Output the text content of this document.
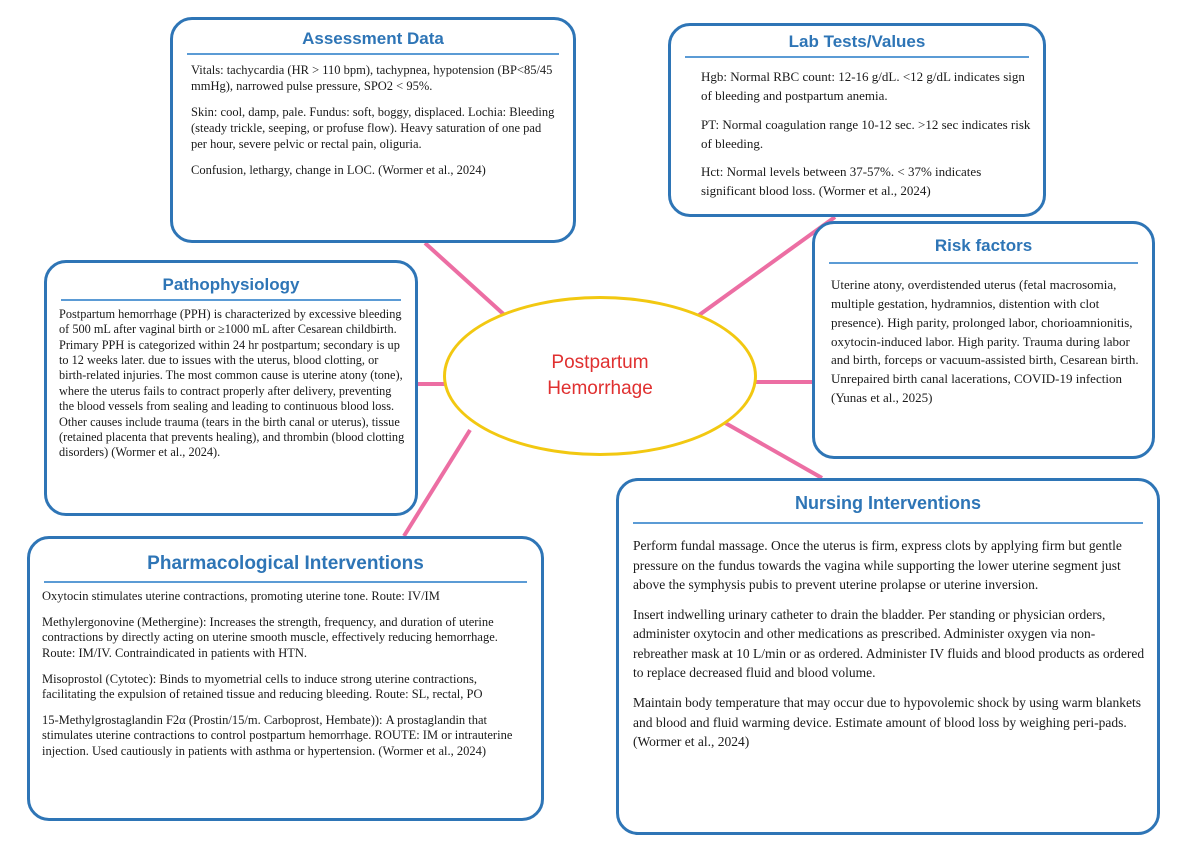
Assessment Data

Vitals: tachycardia (HR > 110 bpm), tachypnea, hypotension (BP<85/45 mmHg), narrowed pulse pressure, SPO2 < 95%.

Skin: cool, damp, pale. Fundus: soft, boggy, displaced. Lochia: Bleeding (steady trickle, seeping, or profuse flow). Heavy saturation of one pad per hour, severe pelvic or rectal pain, oliguria.

Confusion, lethargy, change in LOC. (Wormer et al., 2024)

Lab Tests/Values

Hgb: Normal RBC count: 12-16 g/dL. <12 g/dL indicates sign of bleeding and postpartum anemia.

PT: Normal coagulation range 10-12 sec. >12 sec indicates risk of bleeding.

Hct: Normal levels between 37-57%. < 37% indicates significant blood loss. (Wormer et al., 2024)

Pathophysiology

Postpartum hemorrhage (PPH) is characterized by excessive bleeding of 500 mL after vaginal birth or ≥1000 mL after Cesarean childbirth. Primary PPH is categorized within 24 hr postpartum; secondary is up to 12 weeks later. due to issues with the uterus, blood clotting, or birth-related injuries. The most common cause is uterine atony (tone), where the uterus fails to contract properly after delivery, preventing the blood vessels from sealing and leading to continuous blood loss. Other causes include trauma (tears in the birth canal or uterus), tissue (retained placenta that prevents healing), and thrombin (blood clotting disorders) (Wormer et al., 2024).

Risk factors

Uterine atony, overdistended uterus (fetal macrosomia, multiple gestation, hydramnios, distention with clot presence). High parity, prolonged labor, chorioamnionitis, oxytocin-induced labor. High parity. Trauma during labor and birth, forceps or vacuum-assisted birth, Cesarean birth. Unrepaired birth canal lacerations, COVID-19 infection (Yunas et al., 2025)

Pharmacological Interventions

Oxytocin stimulates uterine contractions, promoting uterine tone. Route: IV/IM

Methylergonovine (Methergine): Increases the strength, frequency, and duration of uterine contractions by directly acting on uterine smooth muscle, effectively reducing hemorrhage. Route: IM/IV. Contraindicated in patients with HTN.

Misoprostol (Cytotec): Binds to myometrial cells to induce strong uterine contractions, facilitating the expulsion of retained tissue and reducing bleeding. Route: SL, rectal, PO

15-Methylgrostaglandin F2α (Prostin/15/m. Carboprost, Hembate)): A prostaglandin that stimulates uterine contractions to control postpartum hemorrhage. ROUTE: IM or intrauterine injection. Used cautiously in patients with asthma or hypertension. (Wormer et al., 2024)

Nursing Interventions

Perform fundal massage. Once the uterus is firm, express clots by applying firm but gentle pressure on the fundus towards the vagina while supporting the lower uterine segment just above the symphysis pubis to prevent uterine prolapse or uterine inversion.

Insert indwelling urinary catheter to drain the bladder. Per standing or physician orders, administer oxytocin and other medications as prescribed. Administer oxygen via non-rebreather mask at 10 L/min or as ordered. Administer IV fluids and blood products as ordered to replace decreased fluid and blood volume.

Maintain body temperature that may occur due to hypovolemic shock by using warm blankets and blood and fluid warming device. Estimate amount of blood loss by weighing peri-pads. (Wormer et al., 2024)

Postpartum Hemorrhage
